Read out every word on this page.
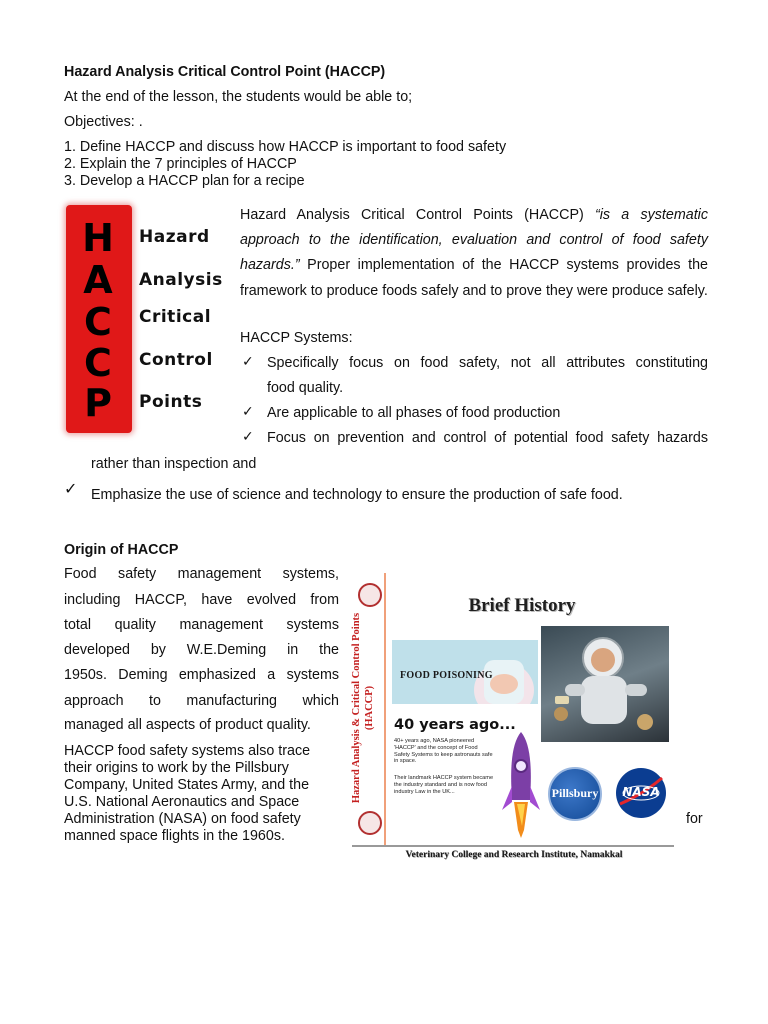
Hazard Analysis Critical Control Point (HACCP)
At the end of the lesson, the students would be able to;
Objectives: .
1. Define HACCP and discuss how HACCP is important to food safety
2. Explain the 7 principles of HACCP
3. Develop a HACCP plan for a recipe
H
A
C
C
P
Hazard
Analysis
Critical
Control
Points
Hazard Analysis Critical Control Points (HACCP) “is a systematic approach to the identification, evaluation and control of food safety hazards.” Proper implementation of the HACCP systems provides the framework to produce foods safely and to prove they were produce safely.
HACCP Systems:
✓ Specifically focus on food safety, not all attributes constituting
food quality.
✓ Are applicable to all phases of food production
✓ Focus on prevention and control of potential food safety hazards
rather than inspection and
✓ Emphasize the use of science and technology to ensure the production of safe food.
Origin of HACCP
Food safety management systems,
including HACCP, have evolved from
total quality management systems
developed by W.E.Deming in the
1950s. Deming emphasized a systems
approach to manufacturing which
managed all aspects of product quality.
HACCP food safety systems also trace
their origins to work by the Pillsbury
Company, United States Army, and the
U.S. National Aeronautics and Space
Administration (NASA) on food safety
manned space flights in the 1960s.
for
Hazard Analysis & Critical Control Points (HACCP)
Brief History
FOOD POISONING
40 years ago...
40+ years ago, NASA pioneered 'HACCP' and the concept of Food Safety Systems to keep astronauts safe in space.
Their landmark HACCP system became the industry standard and is now food industry Law in the UK...	Pillsbury	NASA
Veterinary College and Research Institute, Namakkal
